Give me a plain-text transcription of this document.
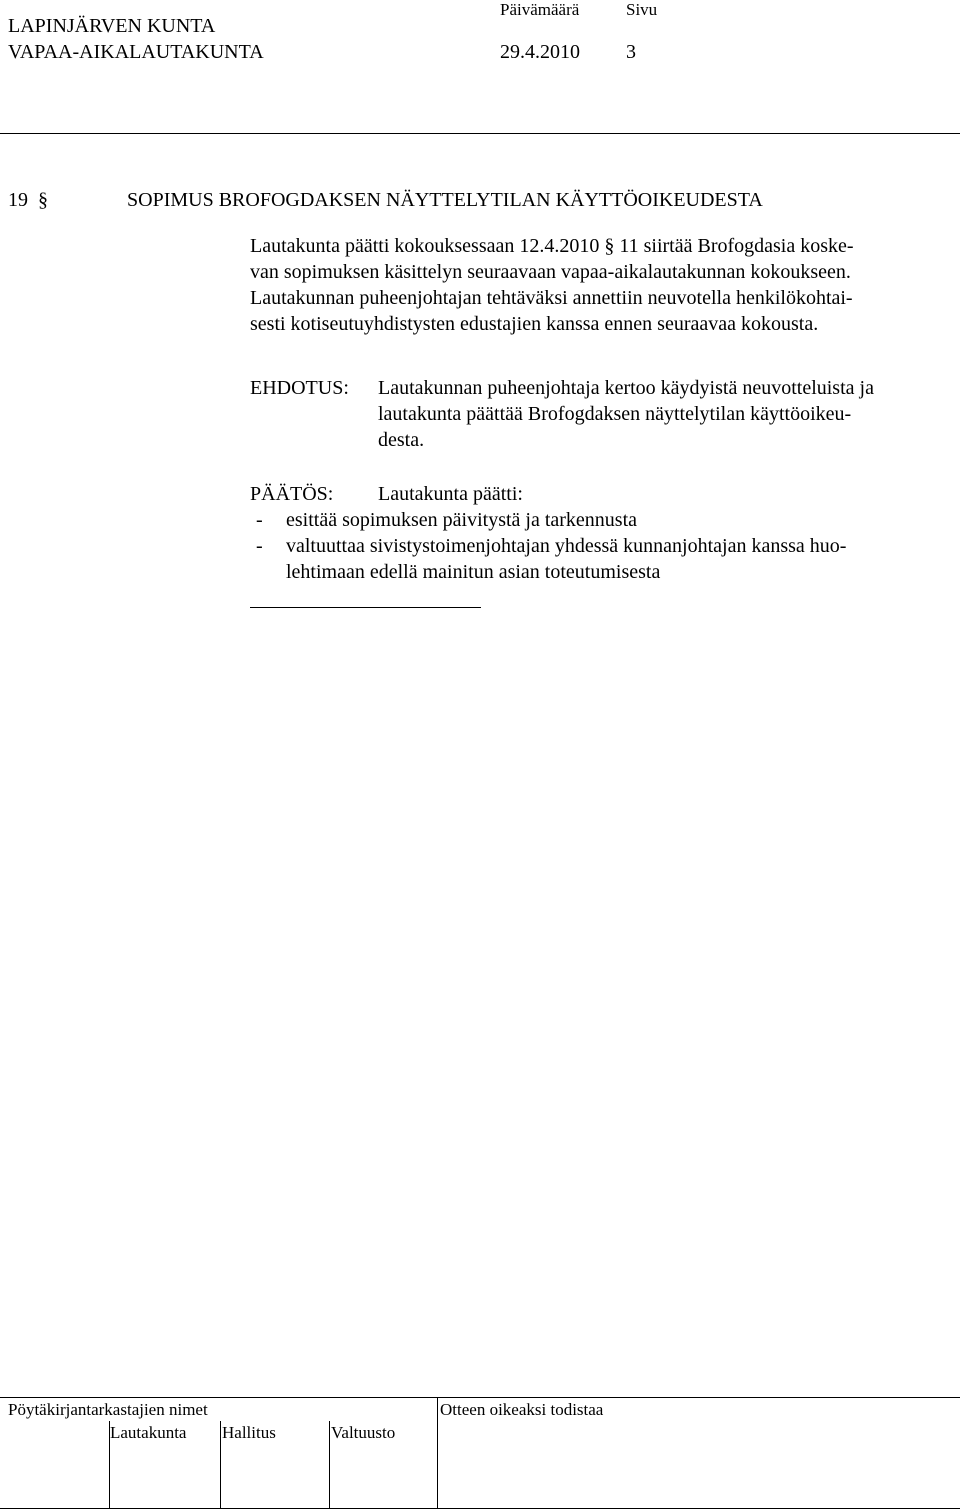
LAPINJÄRVEN KUNTA
VAPAA-AIKALAUTAKUNTA
Päivämäärä	Sivu
29.4.2010 3
19 §	SOPIMUS BROFOGDAKSEN NÄYTTELYTILAN KÄYTTÖOIKEUDESTA
Lautakunta päätti kokouksessaan 12.4.2010 § 11 siirtää Brofogdasia koske-
van sopimuksen käsittelyn seuraavaan vapaa-aikalautakunnan kokoukseen.
Lautakunnan puheenjohtajan tehtäväksi annettiin neuvotella henkilökohtai-
sesti kotiseutuyhdistysten edustajien kanssa ennen seuraavaa kokousta.
EHDOTUS: Lautakunnan puheenjohtaja kertoo käydyistä neuvotteluista ja
lautakunta päättää Brofogdaksen näyttelytilan käyttöoikeu-
desta.
PÄÄTÖS: Lautakunta päätti:
- esittää sopimuksen päivitystä ja tarkennusta
- valtuuttaa sivistystoimenjohtajan yhdessä kunnanjohtajan kanssa huo-
lehtimaan edellä mainitun asian toteutumisesta
Pöytäkirjantarkastajien nimet	Otteen oikeaksi todistaa
Lautakunta Hallitus	Valtuusto
